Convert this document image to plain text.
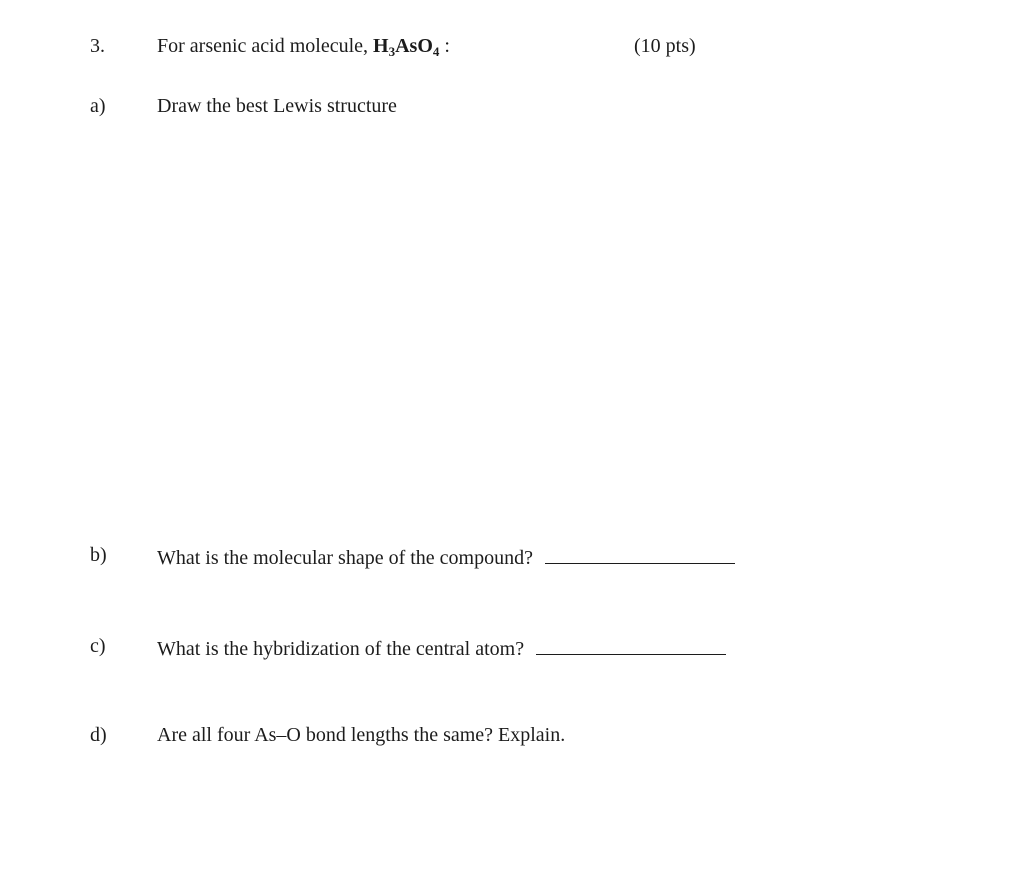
3.	For arsenic acid molecule, $H_3AsO_4$ :	(10 pts)
a)	Draw the best Lewis structure
b)	What is the molecular shape of the compound?
c)	What is the hybridization of the central atom?
d)	Are all four As–O bond lengths the same? Explain.
